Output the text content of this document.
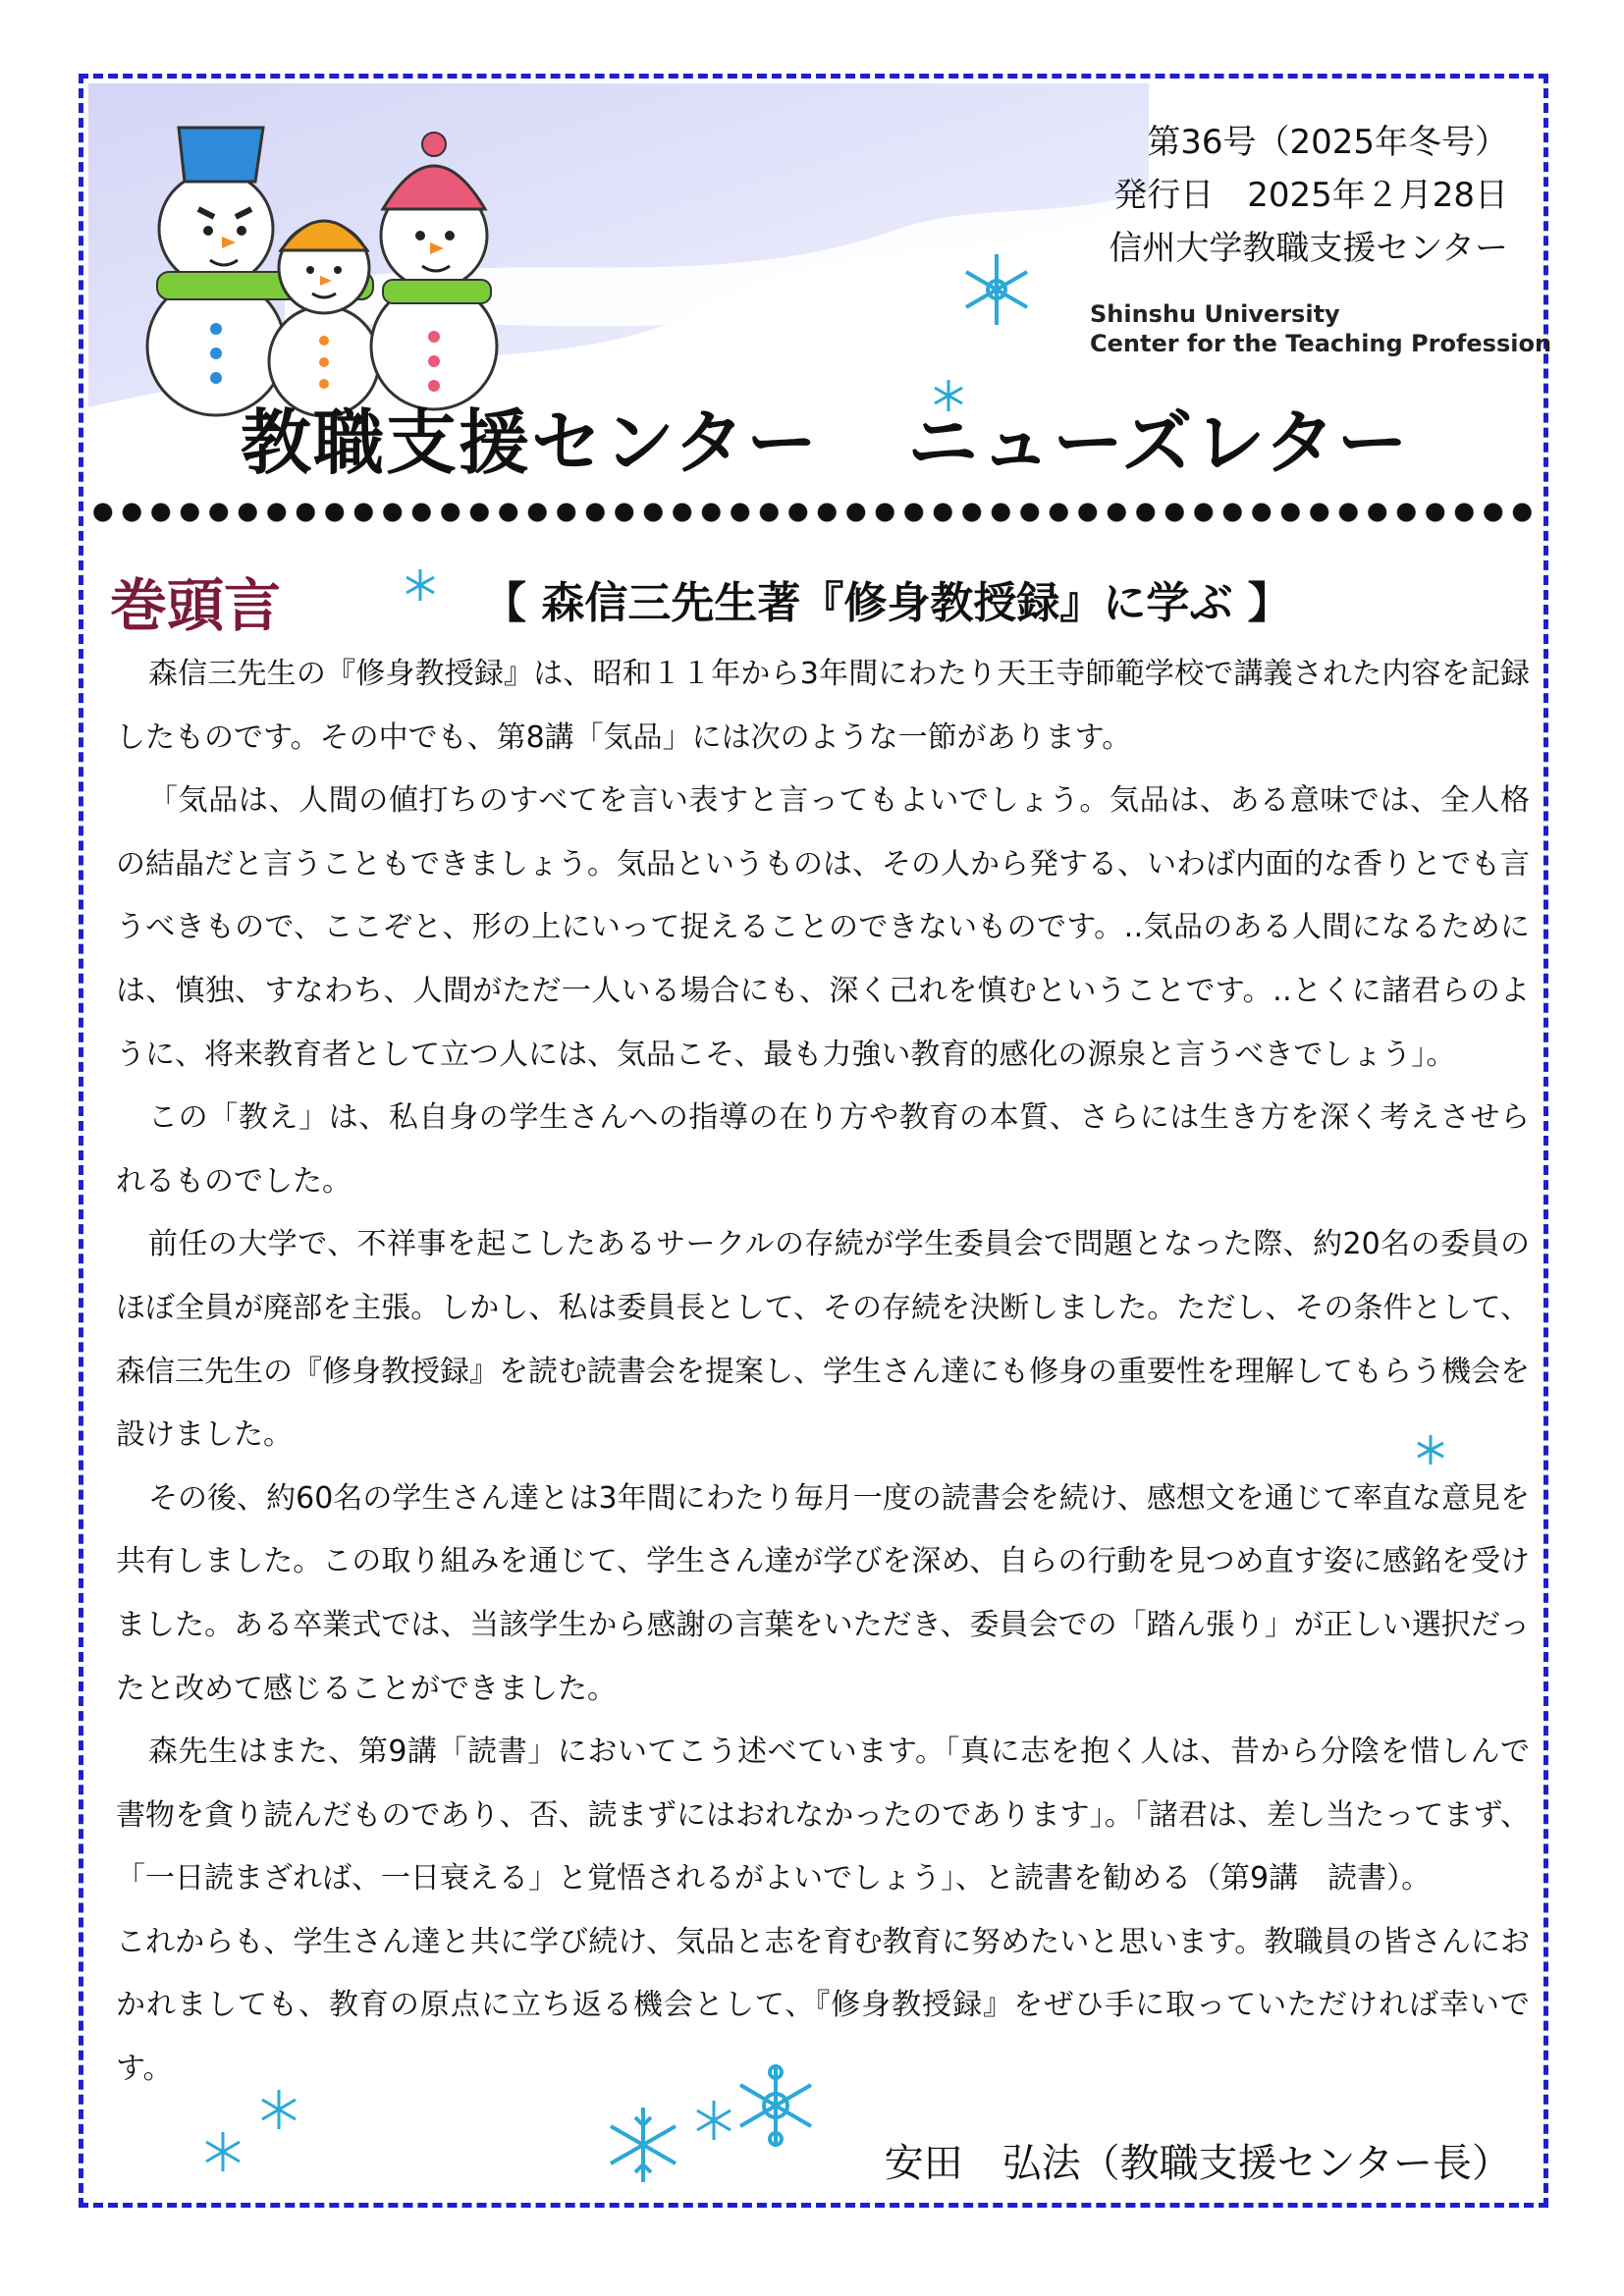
第36号（2025年冬号）
発行日　2025年２月28日
信州大学教職支援センター
Shinshu University
Center for the Teaching Profession
教職支援センター ニューズレター
巻頭言	【 森信三先生著『修身教授録』に学ぶ 】

森信三先生の『修身教授録』は、昭和１１年から3年間にわたり天王寺師範学校で講義された内容を記録したものです。その中でも、第8講「気品」には次のような一節があります。

「気品は、人間の値打ちのすべてを言い表すと言ってもよいでしょう。気品は、ある意味では、全人格の結晶だと言うこともできましょう。気品というものは、その人から発する、いわば内面的な香りとでも言うべきもので、ここぞと、形の上にいって捉えることのできないものです。‥気品のある人間になるためには、慎独、すなわち、人間がただ一人いる場合にも、深く己れを慎むということです。‥とくに諸君らのように、将来教育者として立つ人には、気品こそ、最も力強い教育的感化の源泉と言うべきでしょう」。

この「教え」は、私自身の学生さんへの指導の在り方や教育の本質、さらには生き方を深く考えさせられるものでした。

前任の大学で、不祥事を起こしたあるサークルの存続が学生委員会で問題となった際、約20名の委員のほぼ全員が廃部を主張。しかし、私は委員長として、その存続を決断しました。ただし、その条件として、森信三先生の『修身教授録』を読む読書会を提案し、学生さん達にも修身の重要性を理解してもらう機会を設けました。

その後、約60名の学生さん達とは3年間にわたり毎月一度の読書会を続け、感想文を通じて率直な意見を共有しました。この取り組みを通じて、学生さん達が学びを深め、自らの行動を見つめ直す姿に感銘を受けました。ある卒業式では、当該学生から感謝の言葉をいただき、委員会での「踏ん張り」が正しい選択だったと改めて感じることができました。

森先生はまた、第9講「読書」においてこう述べています。「真に志を抱く人は、昔から分陰を惜しんで書物を貪り読んだものであり、否、読まずにはおれなかったのであります」。「諸君は、差し当たってまず、「一日読まざれば、一日衰える」と覚悟されるがよいでしょう」、と読書を勧める（第9講　読書）。

これからも、学生さん達と共に学び続け、気品と志を育む教育に努めたいと思います。教職員の皆さんにおかれましても、教育の原点に立ち返る機会として、『修身教授録』をぜひ手に取っていただければ幸いです。

安田　弘法（教職支援センター長）
